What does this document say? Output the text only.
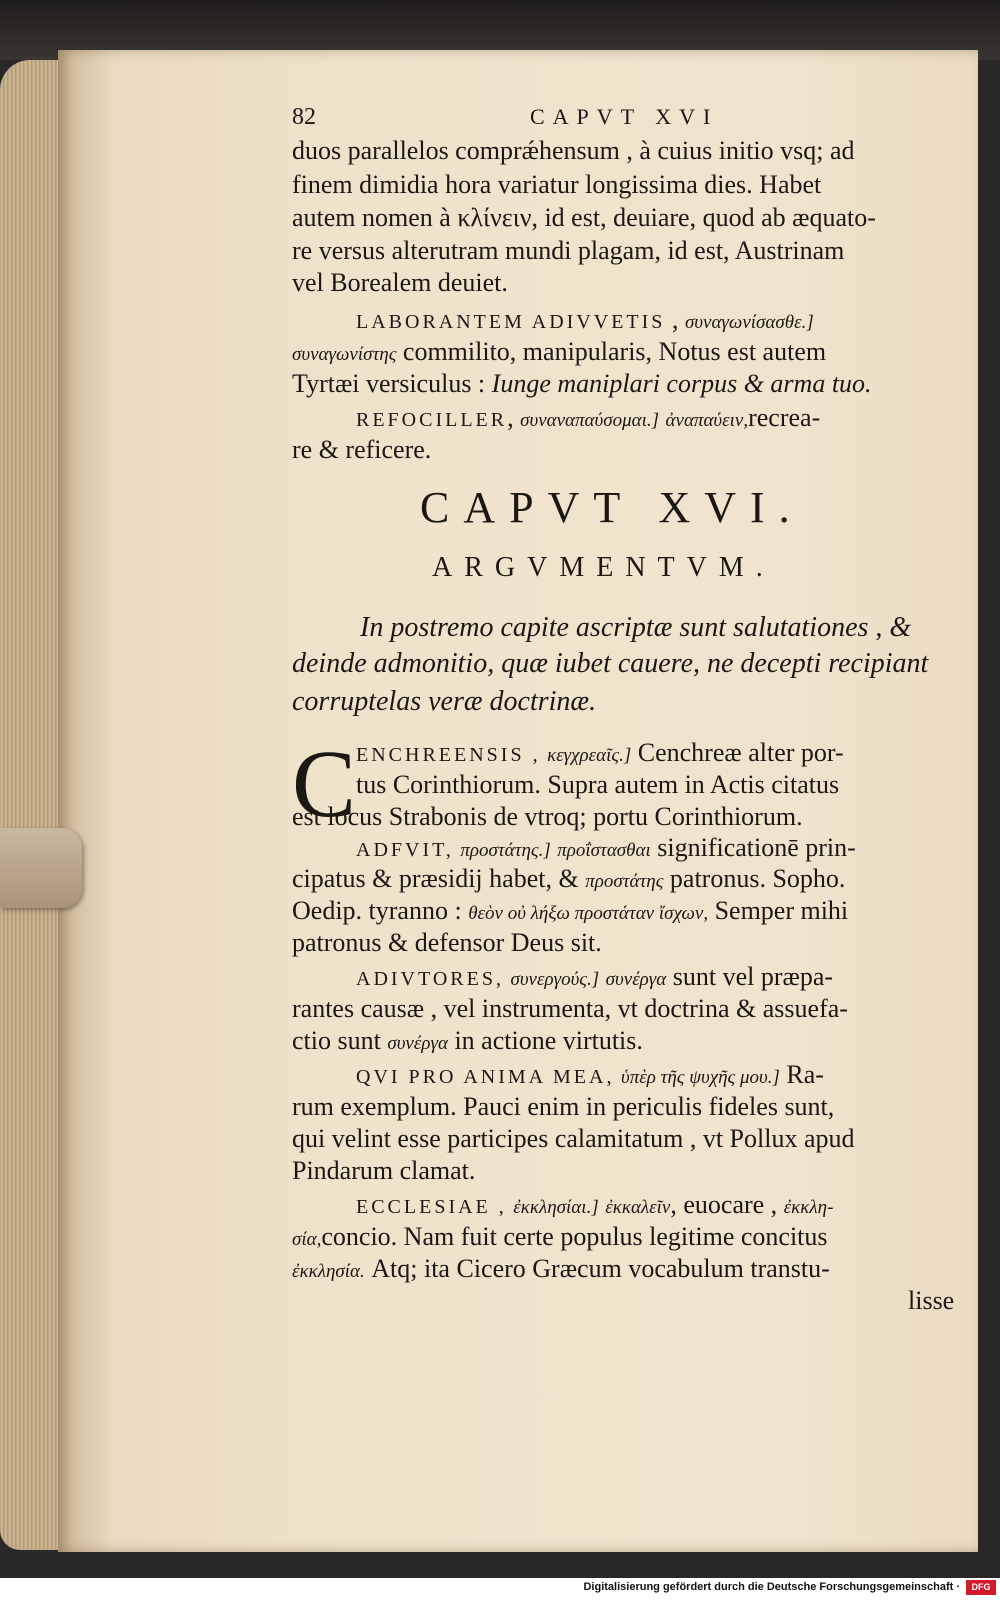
82	CAPVT XVI
duos parallelos comprǽhensum , à cuius initio vsq; ad
finem dimidia hora variatur longissima dies. Habet
autem nomen à κλίνειν, id est, deuiare, quod ab æquato-
re versus alterutram mundi plagam, id est, Austrinam
vel Borealem deuiet.
LABORANTEM ADIVVETIS , συναγωνίσασθε.]
συναγωνίστης commilito, manipularis, Notus est autem
Tyrtæi versiculus : Iunge maniplari corpus & arma tuo.
REFOCILLER, συναναπαύσομαι.] ἀναπαύειν,recrea-
re & reficere.
CAPVT XVI.
ARGVMENTVM.
In postremo capite ascriptæ sunt salutationes , &
deinde admonitio, quæ iubet cauere, ne decepti recipiant
corruptelas veræ doctrinæ.
C ENCHREENSIS , κεγχρεαῖς.] Cenchreæ alter por-
tus Corinthiorum. Supra autem in Actis citatus
est locus Strabonis de vtroq; portu Corinthiorum.
ADFVIT, προστάτης.] προΐστασθαι significationē prin-
cipatus & præsidij habet, & προστάτης patronus. Sopho.
Oedip. tyranno : θεὸν οὐ λήξω προστάταν ἴσχων, Semper mihi
patronus & defensor Deus sit.
ADIVTORES, συνεργούς.] συνέργα sunt vel præpa-
rantes causæ , vel instrumenta, vt doctrina & assuefa-
ctio sunt συνέργα in actione virtutis.
QVI PRO ANIMA MEA, ὑπὲρ τῆς ψυχῆς μου.] Ra-
rum exemplum. Pauci enim in periculis fideles sunt,
qui velint esse participes calamitatum , vt Pollux apud
Pindarum clamat.
ECCLESIAE , ἐκκλησίαι.] ἐκκαλεῖν, euocare , ἐκκλη-
σία,concio. Nam fuit certe populus legitime concitus
ἐκκλησία. Atq; ita Cicero Græcum vocabulum transtu-
lisse
Digitalisierung gefördert durch die Deutsche Forschungsgemeinschaft ·	DFG
